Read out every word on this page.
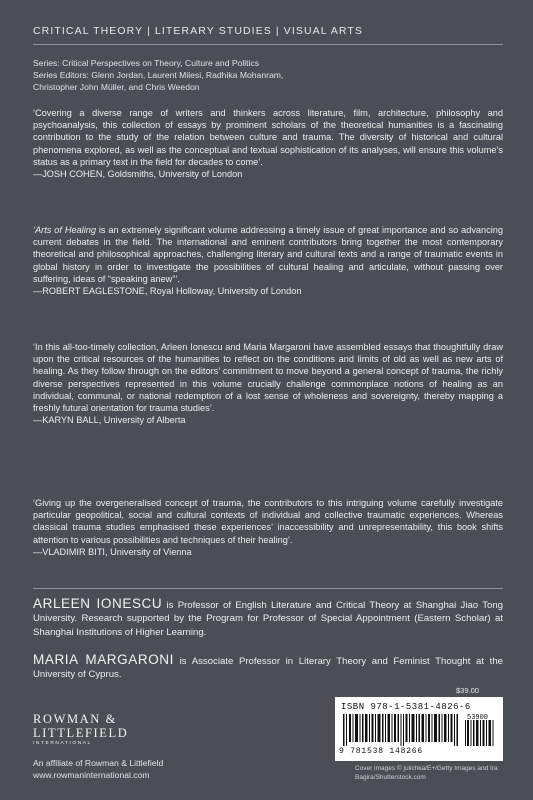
CRITICAL THEORY | LITERARY STUDIES | VISUAL ARTS
Series: Critical Perspectives on Theory, Culture and Politics
Series Editors: Glenn Jordan, Laurent Milesi, Radhika Mohanram,
Christopher John Müller, and Chris Weedon
‘Covering a diverse range of writers and thinkers across literature, film, architecture, philosophy and psychoanalysis, this collection of essays by prominent scholars of the theoretical humanities is a fascinating contribution to the study of the relation between culture and trauma. The diversity of historical and cultural phenomena explored, as well as the conceptual and textual sophistication of its analyses, will ensure this volume’s status as a primary text in the field for decades to come’.
—JOSH COHEN, Goldsmiths, University of London
‘Arts of Healing is an extremely significant volume addressing a timely issue of great importance and so advancing current debates in the field. The international and eminent contributors bring together the most contemporary theoretical and philosophical approaches, challenging literary and cultural texts and a range of traumatic events in global history in order to investigate the possibilities of cultural healing and articulate, without passing over suffering, ideas of “speaking anew”’.
—ROBERT EAGLESTONE, Royal Holloway, University of London
‘In this all-too-timely collection, Arleen Ionescu and Maria Margaroni have assembled essays that thoughtfully draw upon the critical resources of the humanities to reflect on the conditions and limits of old as well as new arts of healing. As they follow through on the editors’ commitment to move beyond a general concept of trauma, the richly diverse perspectives represented in this volume crucially challenge commonplace notions of healing as an individual, communal, or national redemption of a lost sense of wholeness and sovereignty, thereby mapping a freshly futural orientation for trauma studies’.
—KARYN BALL, University of Alberta
‘Giving up the overgeneralised concept of trauma, the contributors to this intriguing volume carefully investigate particular geopolitical, social and cultural contexts of individual and collective traumatic experiences. Whereas classical trauma studies emphasised these experiences’ inaccessibility and unrepresentability, this book shifts attention to various possibilities and techniques of their healing’.
—VLADIMIR BITI, University of Vienna
ARLEEN IONESCU is Professor of English Literature and Critical Theory at Shanghai Jiao Tong University. Research supported by the Program for Professor of Special Appointment (Eastern Scholar) at Shanghai Institutions of Higher Learning.
MARIA MARGARONI is Associate Professor in Literary Theory and Feminist Thought at the University of Cyprus.
$39.00
ISBN 978-1-5381-4826-6
53900
9 781538 148266
Cover images © julichka/E+/Getty Images and Ira Bagira/Shutterstock.com
ROWMAN &
LITTLEFIELD
INTERNATIONAL
An affiliate of Rowman & Littlefield
www.rowmaninternational.com
